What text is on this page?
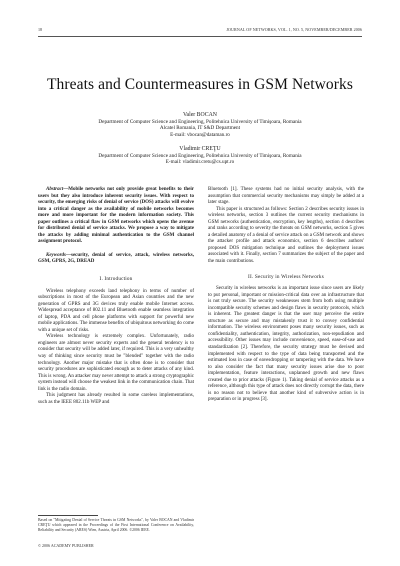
18	JOURNAL OF NETWORKS, VOL. 1, NO. 5, NOVEMBER/DECEMBER 2006
Threats and Countermeasures in GSM Networks
Valer BOCAN
Department of Computer Science and Engineering, Politehnica University of Timişoara, Romania
Alcatel Romania, IT S&D Department
E-mail: vbocan@dataman.ro
Vladimir CREŢU
Department of Computer Science and Engineering, Politehnica University of Timişoara, Romania
E-mail: vladimir.cretu@cs.upt.ro

Abstract—Mobile networks not only provide great benefits to their users but they also introduce inherent security issues. With respect to security, the emerging risks of denial of service (DOS) attacks will evolve into a critical danger as the availability of mobile networks becomes more and more important for the modern information society. This paper outlines a critical flaw in GSM networks which opens the avenue for distributed denial of service attacks. We propose a way to mitigate the attacks by adding minimal authentication to the GSM channel assignment protocol.

Keywords—security, denial of service, attack, wireless networks, GSM, GPRS, 2G, DREAD

I. Introduction

Wireless telephony exceeds land telephony in terms of number of subscriptions in most of the European and Asian countries and the new generation of GPRS and 3G devices truly enable mobile Internet access. Widespread acceptance of 802.11 and Bluetooth enable seamless integration of laptop, PDA and cell phone platforms with support for powerful new mobile applications. The immense benefits of ubiquitous networking do come with a unique set of risks.

Wireless technology is extremely complex. Unfortunately, radio engineers are almost never security experts and the general tendency is to consider that security will be added later, if required. This is a very unhealthy way of thinking since security must be "blended" together with the radio technology. Another major mistake that is often done is to consider that security procedures are sophisticated enough as to deter attacks of any kind. This is wrong. An attacker may never attempt to attack a strong cryptographic system instead will choose the weakest link in the communication chain. That link is the radio domain.

This judgment has already resulted in some careless implementations, such as the IEEE 802.11b WEP and

Bluetooth [1]. These systems had no initial security analysis, with the assumption that commercial security mechanisms may simply be added at a later stage.

This paper is structured as follows: Section 2 describes security issues in wireless networks, section 3 outlines the current security mechanisms in GSM networks (authentication, encryption, key lengths), section 4 describes and ranks according to severity the threats on GSM networks, section 5 gives a detailed anatomy of a denial of service attack on a GSM network and shows the attacker profile and attack economics, section 6 describes authors' proposed DOS mitigation technique and outlines the deployment issues associated with it. Finally, section 7 summarizes the subject of the paper and the main contributions.

II. Security in Wireless Networks

Security in wireless networks is an important issue since users are likely to put personal, important or mission-critical data over an infrastructure that is not truly secure. The security weaknesses stem from both using multiple incompatible security schemes and design flaws in security protocols, which is inherent. The greatest danger is that the user may perceive the entire structure as secure and may mistakenly trust it to convey confidential information. The wireless environment poses many security issues, such as confidentiality, authentication, integrity, authorization, non-repudiation and accessibility. Other issues may include convenience, speed, ease-of-use and standardization [2]. Therefore, the security strategy must be devised and implemented with respect to the type of data being transported and the estimated loss in case of eavesdropping or tampering with the data. We have to also consider the fact that many security issues arise due to poor implementation, feature interactions, unplanned growth and new flaws created due to prior attacks (Figure 1). Taking denial of service attacks as a reference, although this type of attack does not directly corrupt the data, there is no reason not to believe that another kind of subversive action is in preparation or in progress [3].

Based on "Mitigating Denial of Service Threats in GSM Networks", by Valer BOCAN and Vladimir CREŢU which appeared in the Proceedings of the First International Conference on Availability, Reliability and Security (ARES) Wien, Austria, April 2006. ©2006 IEEE.
© 2006 ACADEMY PUBLISHER
